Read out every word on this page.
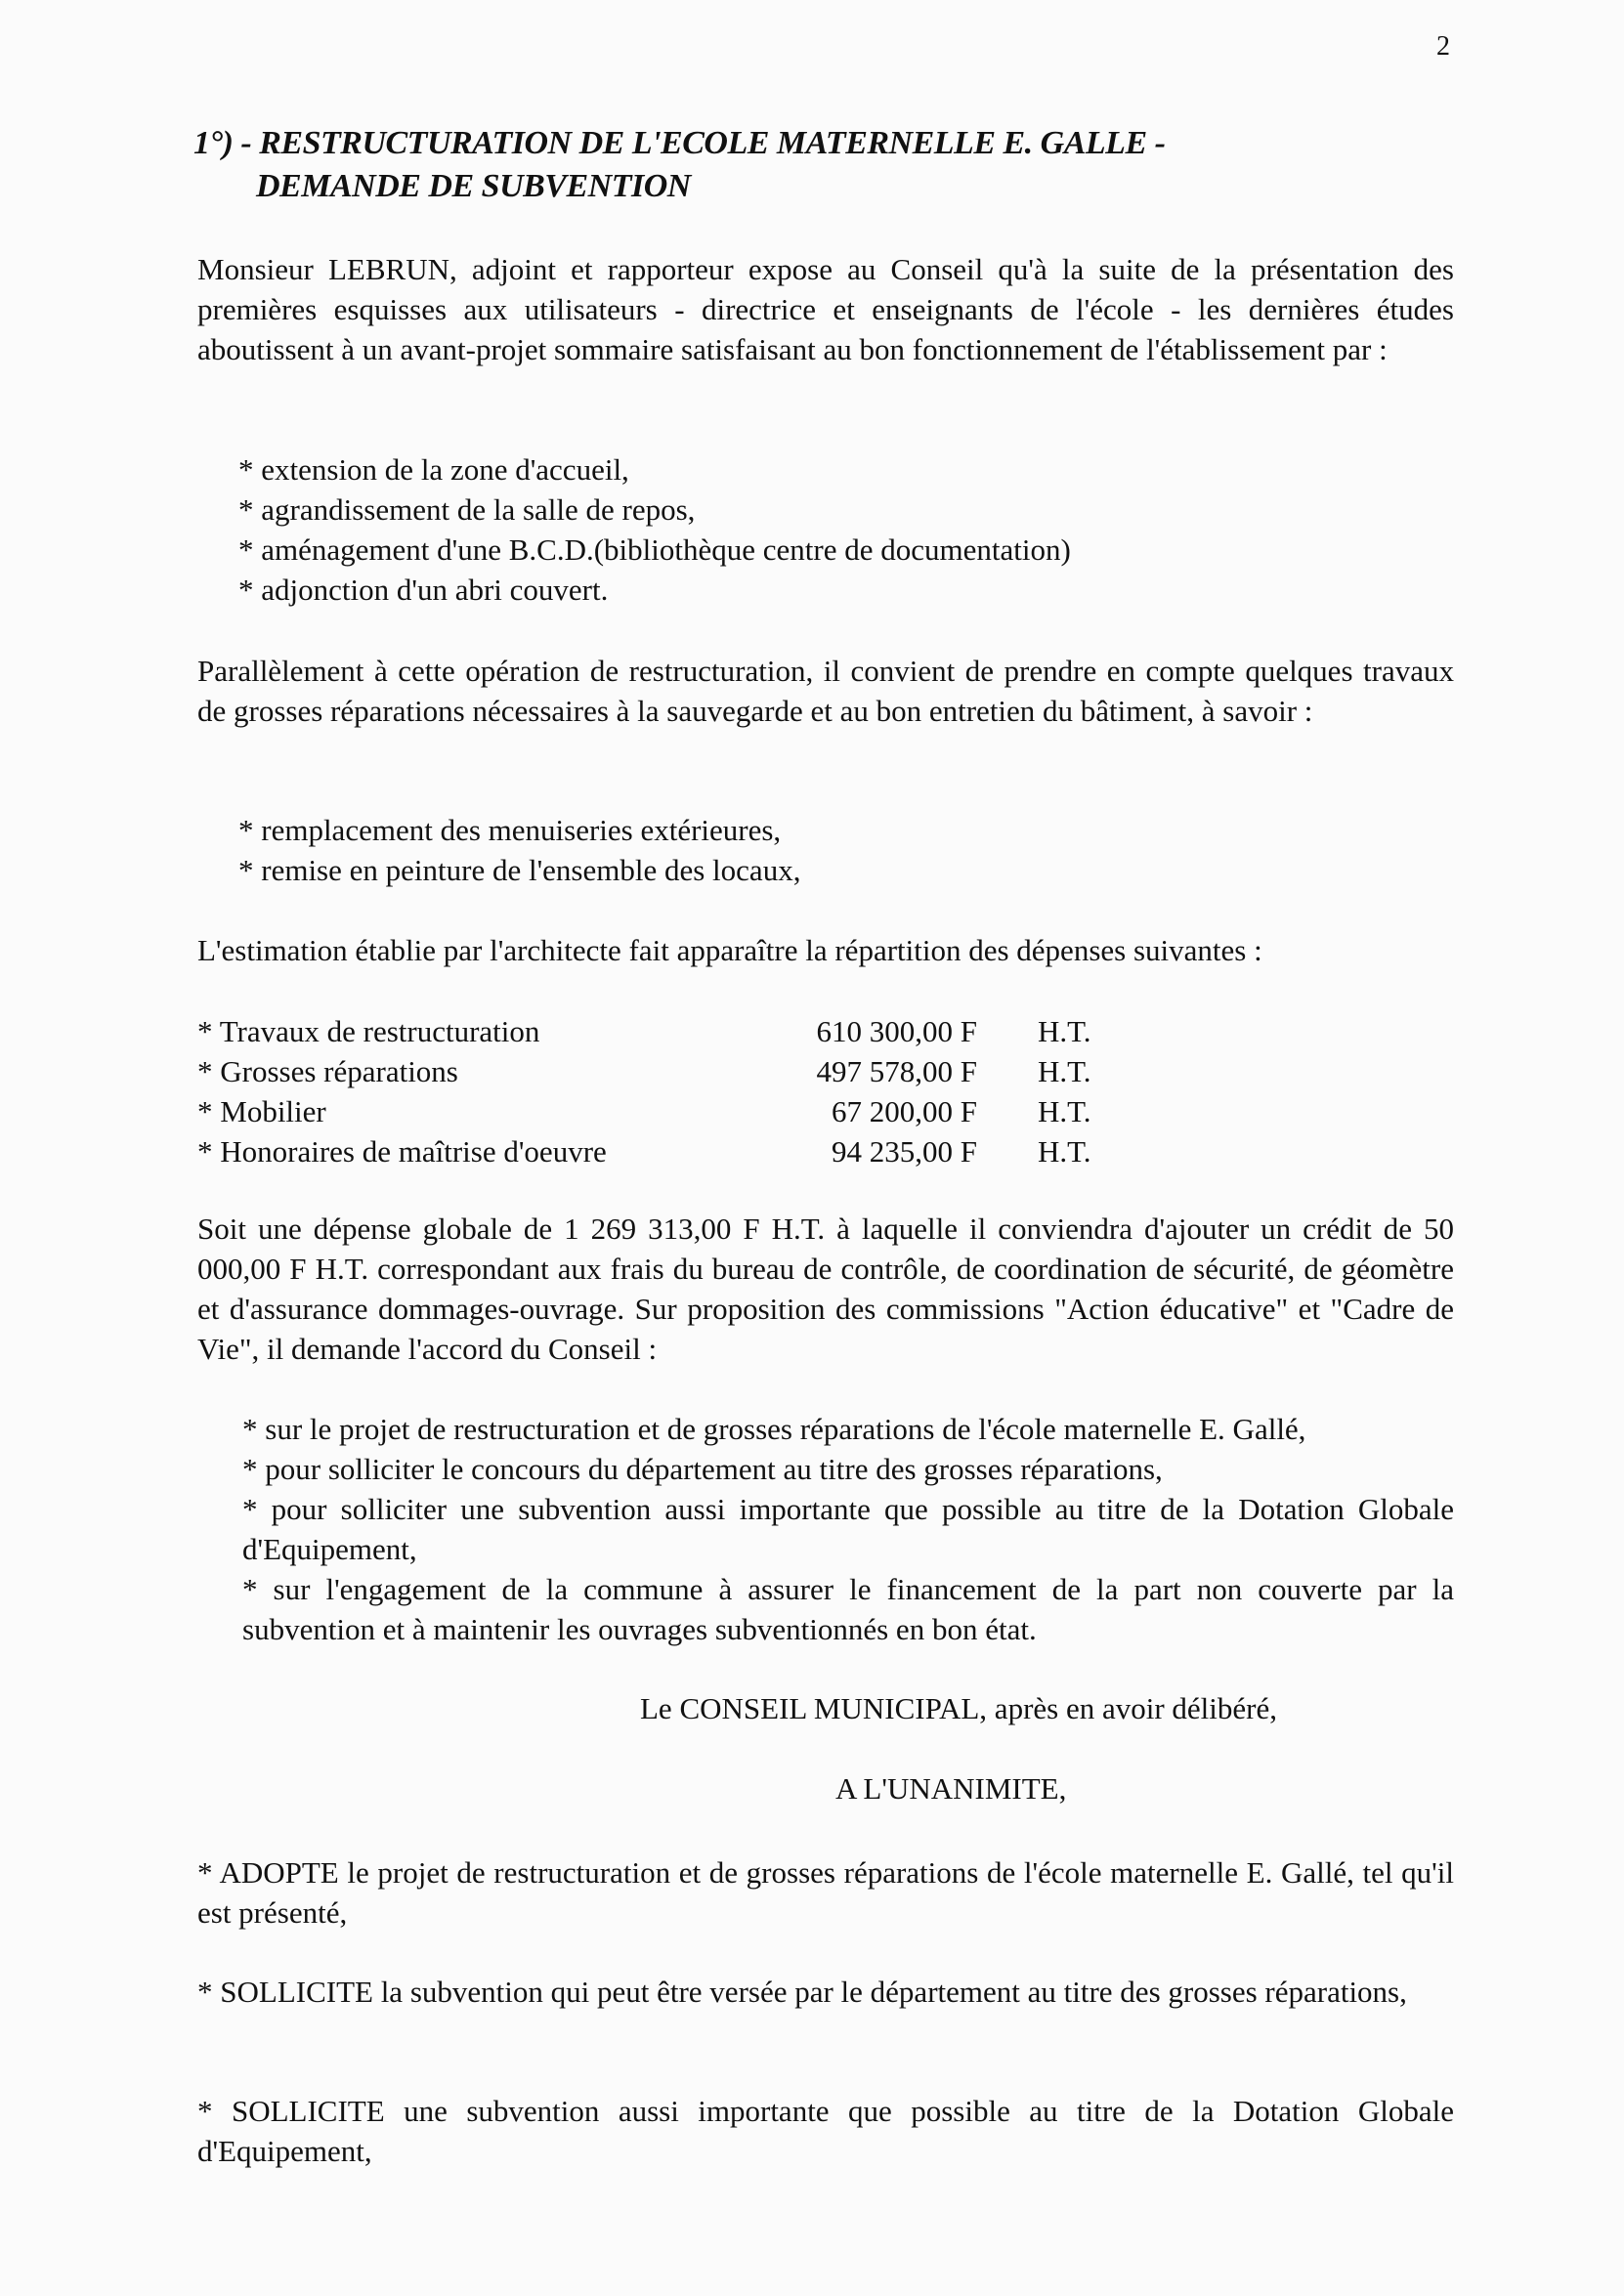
2
1°) - RESTRUCTURATION DE L'ECOLE MATERNELLE E. GALLE -
DEMANDE DE SUBVENTION
Monsieur LEBRUN, adjoint et rapporteur expose au Conseil qu'à la suite de la présentation des premières esquisses aux utilisateurs - directrice et enseignants de l'école - les dernières études aboutissent à un avant-projet sommaire satisfaisant au bon fonctionnement de l'établissement par :
* extension de la zone d'accueil,
* agrandissement de la salle de repos,
* aménagement d'une B.C.D.(bibliothèque centre de documentation)
* adjonction d'un abri couvert.
Parallèlement à cette opération de restructuration, il convient de prendre en compte quelques travaux de grosses réparations nécessaires à la sauvegarde et au bon entretien du bâtiment, à savoir :
* remplacement des menuiseries extérieures,
* remise en peinture de l'ensemble des locaux,
L'estimation établie par l'architecte fait apparaître la répartition des dépenses suivantes :
* Travaux de restructuration	610 300,00 F H.T.
* Grosses réparations	497 578,00 F H.T.
* Mobilier	67 200,00 F H.T.
* Honoraires de maîtrise d'oeuvre	94 235,00 F H.T.
Soit une dépense globale de 1 269 313,00 F H.T. à laquelle il conviendra d'ajouter un crédit de 50 000,00 F H.T. correspondant aux frais du bureau de contrôle, de coordination de sécurité, de géomètre et d'assurance dommages-ouvrage. Sur proposition des commissions "Action éducative" et "Cadre de Vie", il demande l'accord du Conseil :
* sur le projet de restructuration et de grosses réparations de l'école maternelle E. Gallé,
* pour solliciter le concours du département au titre des grosses réparations,
* pour solliciter une subvention aussi importante que possible au titre de la Dotation Globale d'Equipement,
* sur l'engagement de la commune à assurer le financement de la part non couverte par la subvention et à maintenir les ouvrages subventionnés en bon état.
Le CONSEIL MUNICIPAL, après en avoir délibéré,
A L'UNANIMITE,
* ADOPTE le projet de restructuration et de grosses réparations de l'école maternelle E. Gallé, tel qu'il est présenté,
* SOLLICITE la subvention qui peut être versée par le département au titre des grosses réparations,
* SOLLICITE une subvention aussi importante que possible au titre de la Dotation Globale d'Equipement,
